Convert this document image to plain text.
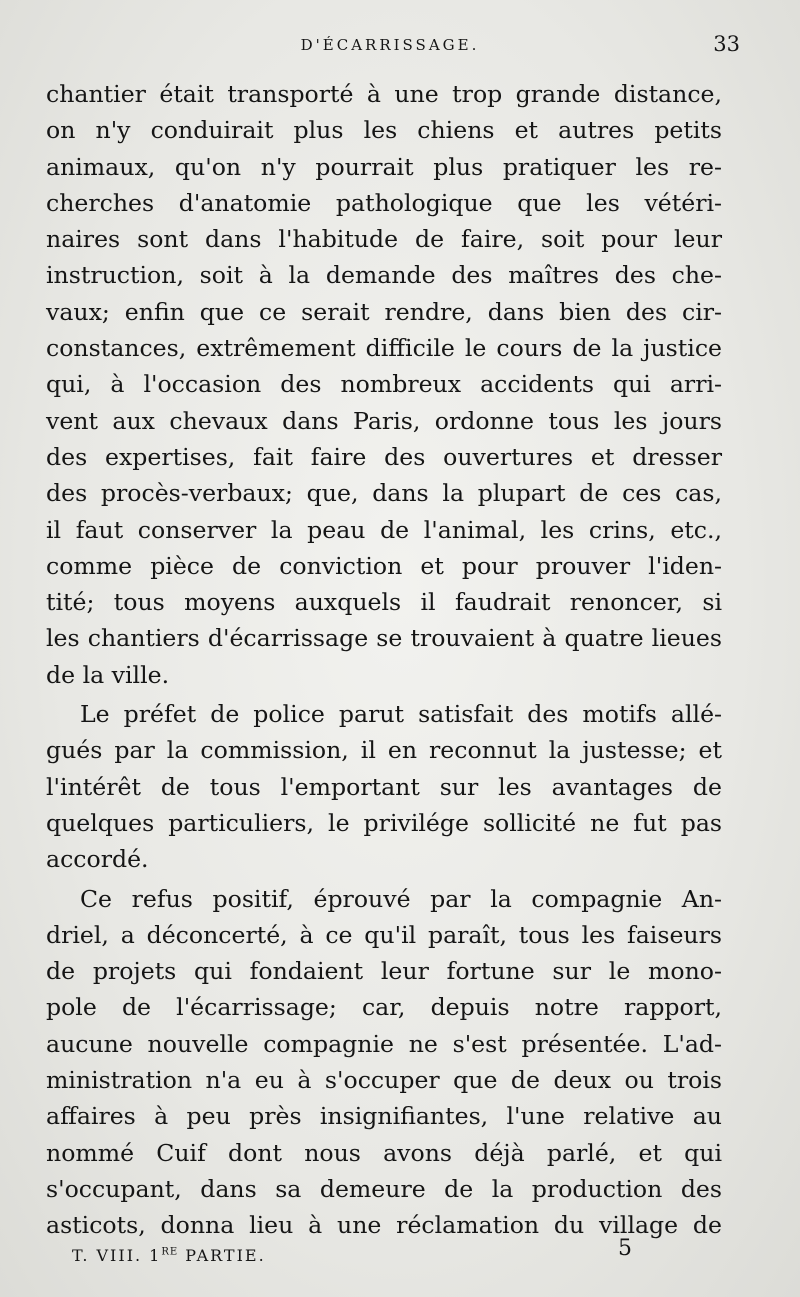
D'ÉCARRISSAGE.	33
chantier était transporté à une trop grande distance,
on n'y conduirait plus les chiens et autres petits
animaux, qu'on n'y pourrait plus pratiquer les re-
cherches d'anatomie pathologique que les vétéri-
naires sont dans l'habitude de faire, soit pour leur
instruction, soit à la demande des maîtres des che-
vaux; enfin que ce serait rendre, dans bien des cir-
constances, extrêmement difficile le cours de la justice
qui, à l'occasion des nombreux accidents qui arri-
vent aux chevaux dans Paris, ordonne tous les jours
des expertises, fait faire des ouvertures et dresser
des procès-verbaux; que, dans la plupart de ces cas,
il faut conserver la peau de l'animal, les crins, etc.,
comme pièce de conviction et pour prouver l'iden-
tité; tous moyens auxquels il faudrait renoncer, si
les chantiers d'écarrissage se trouvaient à quatre lieues
de la ville.
Le préfet de police parut satisfait des motifs allé-
gués par la commission, il en reconnut la justesse; et
l'intérêt de tous l'emportant sur les avantages de
quelques particuliers, le privilége sollicité ne fut pas
accordé.
Ce refus positif, éprouvé par la compagnie An-
driel, a déconcerté, à ce qu'il paraît, tous les faiseurs
de projets qui fondaient leur fortune sur le mono-
pole de l'écarrissage; car, depuis notre rapport,
aucune nouvelle compagnie ne s'est présentée. L'ad-
ministration n'a eu à s'occuper que de deux ou trois
affaires à peu près insignifiantes, l'une relative au
nommé Cuif dont nous avons déjà parlé, et qui
s'occupant, dans sa demeure de la production des
asticots, donna lieu à une réclamation du village de
T. VIII. 1RE PARTIE.	5
